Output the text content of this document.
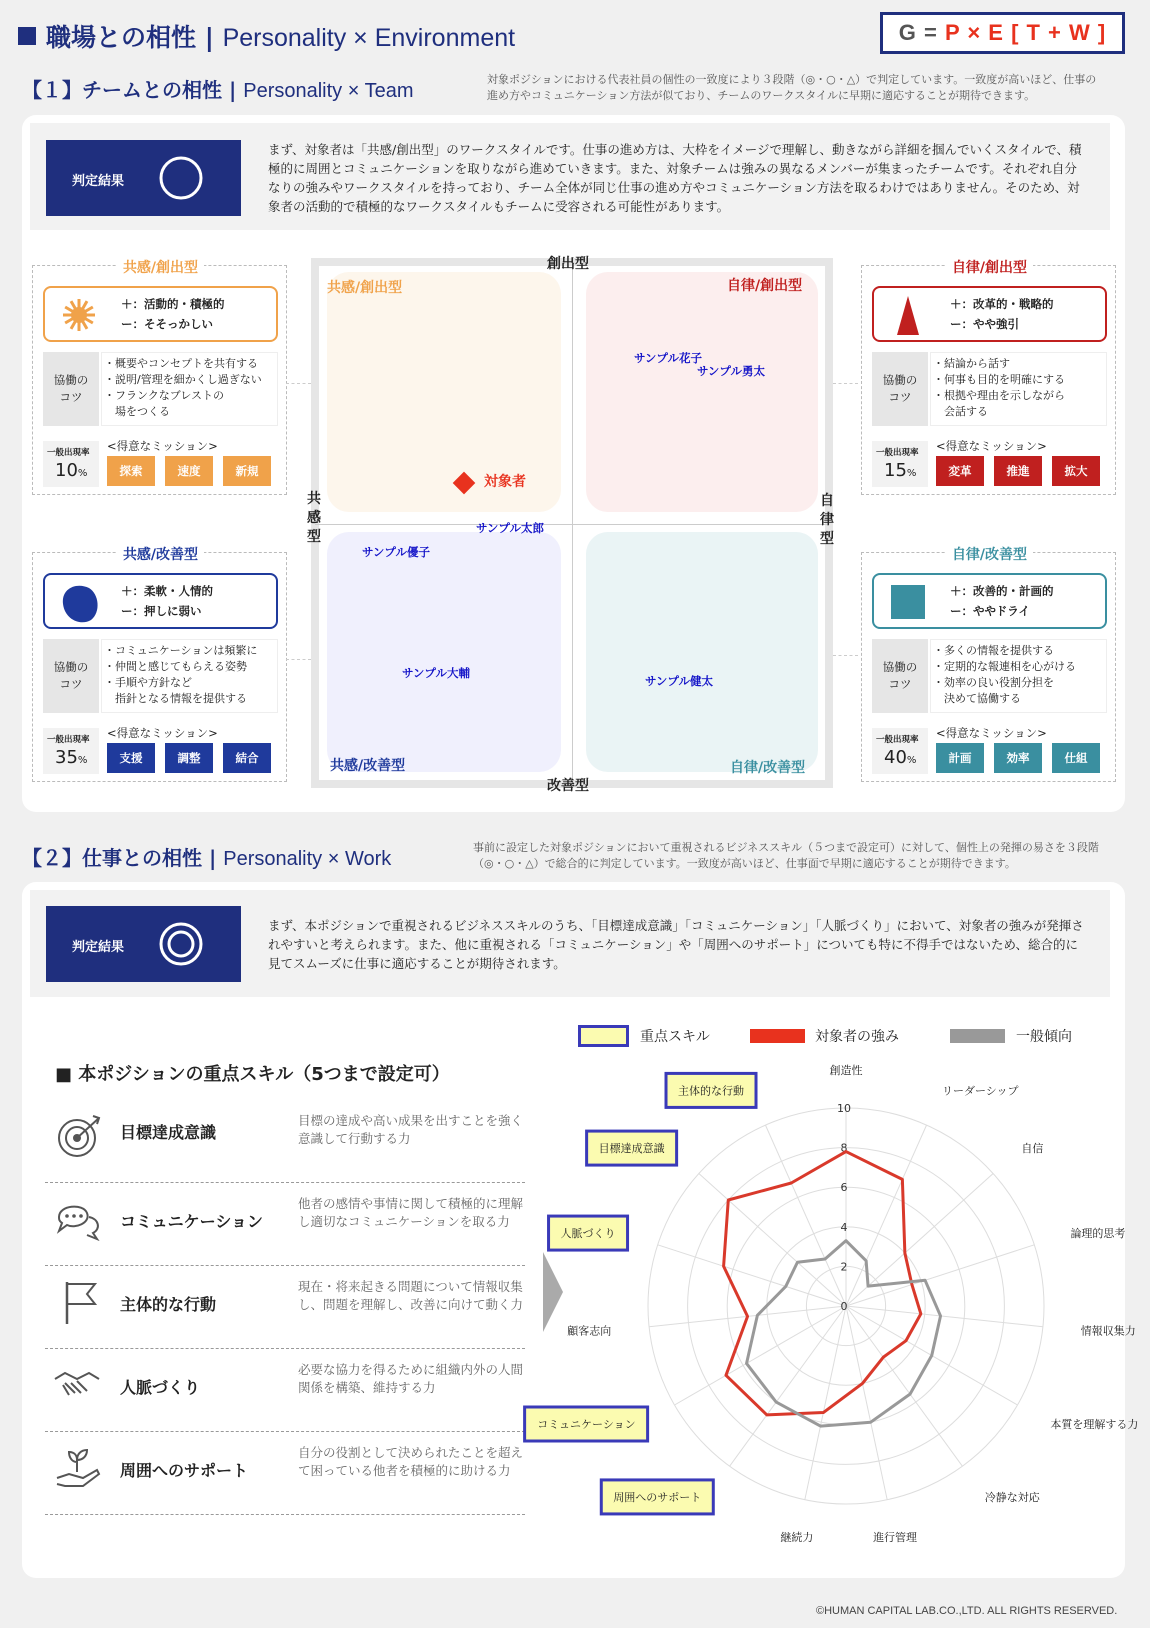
職場との相性 | Personality × Environment	G = P × E [ T + W ]
【１】チームとの相性 | Personality × Team
対象ポジションにおける代表社員の個性の一致度により３段階（◎・○・△）で判定しています。一致度が高いほど、仕事の進め方やコミュニケーション方法が似ており、チームのワークスタイルに早期に適応することが期待できます。
判定結果
まず、対象者は「共感/創出型」のワークスタイルです。仕事の進め方は、大枠をイメージで理解し、動きながら詳細を掴んでいくスタイルで、積極的に周囲とコミュニケーションを取りながら進めていきます。また、対象チームは強みの異なるメンバーが集まったチームです。それぞれ自分なりの強みやワークスタイルを持っており、チーム全体が同じ仕事の進め方やコミュニケーション方法を取るわけではありません。そのため、対象者の活動的で積極的なワークスタイルもチームに受容される可能性があります。
共感/創出型
＋：活動的・積極的
ー：そそっかしい
協働の
コツ
・概要やコンセプトを共有する
・説明/管理を細かくし過ぎない
・フランクなブレストの
　場をつくる
一般出現率
10%
<得意なミッション>
探索	速度	新規
自律/創出型
＋：改革的・戦略的
ー：やや強引
協働の
コツ
・結論から話す
・何事も目的を明確にする
・根拠や理由を示しながら
　会話する
一般出現率
15%
<得意なミッション>
変革	推進	拡大
共感/改善型
＋：柔軟・人情的
ー：押しに弱い
協働の
コツ
・コミュニケーションは頻繁に
・仲間と感じてもらえる姿勢
・手順や方針など
　指針となる情報を提供する
一般出現率
35%
<得意なミッション>
支援	調整	結合
自律/改善型
＋：改善的・計画的
ー：ややドライ
協働の
コツ
・多くの情報を提供する
・定期的な報連相を心がける
・効率の良い役割分担を
　決めて協働する
一般出現率
40%
<得意なミッション>
計画	効率	仕組
共感/創出型	自律/創出型
共感/改善型	自律/改善型
創出型
改善型
共
感
型
自
律
型
対象者
サンプル花子
サンプル勇太
サンプル太郎
サンプル優子
サンプル大輔
サンプル健太
【２】仕事との相性 | Personality × Work
事前に設定した対象ポジションにおいて重視されるビジネススキル（５つまで設定可）に対して、個性上の発揮の易さを３段階（◎・○・△）で総合的に判定しています。一致度が高いほど、仕事面で早期に適応することが期待できます。
判定結果
まず、本ポジションで重視されるビジネススキルのうち、「目標達成意識」「コミュニケーション」「人脈づくり」において、対象者の強みが発揮されやすいと考えられます。また、他に重視される「コミュニケーション」や「周囲へのサポート」についても特に不得手ではないため、総合的に見てスムーズに仕事に適応することが期待されます。
■ 本ポジションの重点スキル（5つまで設定可）
目標達成意識
目標の達成や高い成果を出すことを強く意識して行動する力
コミュニケーション
他者の感情や事情に関して積極的に理解し適切なコミュニケーションを取る力
主体的な行動
現在・将来起きる問題について情報収集し、問題を理解し、改善に向けて動く力
人脈づくり
必要な協力を得るために組織内外の人間関係を構築、維持する力
周囲へのサポート
自分の役割として決められたことを超えて困っている他者を積極的に助ける力
重点スキル	対象者の強み	一般傾向
0
2
4
6
8
10
創造性
リーダーシップ
自信
論理的思考
情報収集力
本質を理解する力
冷静な対応
進行管理
継続力
周囲へのサポート
コミュニケーション
顧客志向
人脈づくり
目標達成意識
主体的な行動
©HUMAN CAPITAL LAB.CO.,LTD. ALL RIGHTS RESERVED.
